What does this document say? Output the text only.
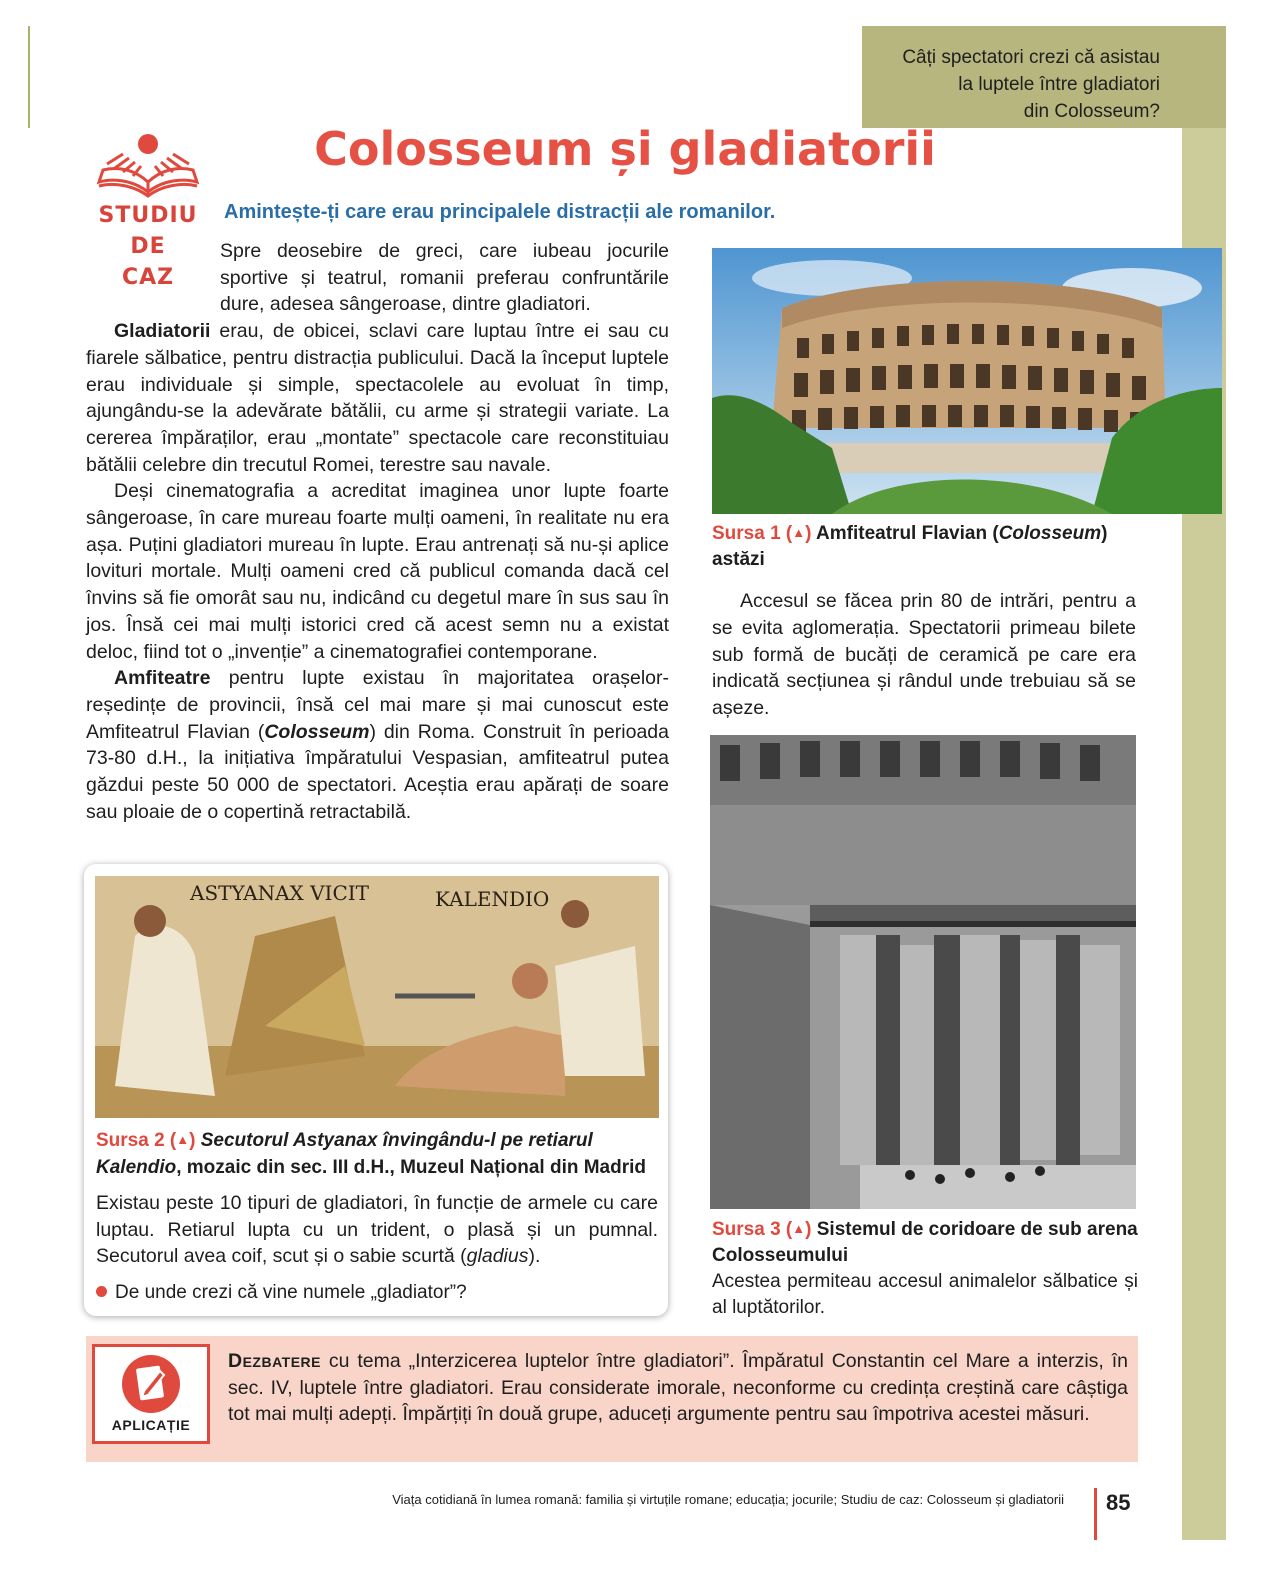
Câți spectatori crezi că asistau
la luptele între gladiatori
din Colosseum?
STUDIU
DE
CAZ
Colosseum și gladiatorii
Amintește-ți care erau principalele distracții ale romanilor.

Spre deosebire de greci, care iubeau jocurile sportive și teatrul, romanii preferau confruntările dure, adesea sângeroase, dintre gladiatori.

Gladiatorii erau, de obicei, sclavi care luptau între ei sau cu fiarele sălbatice, pentru distracția publicului. Dacă la început luptele erau individuale și simple, spectacolele au evoluat în timp, ajungându-se la adevărate bătălii, cu arme și strategii variate. La cererea împăraților, erau „montate” spectacole care reconstituiau bătălii celebre din trecutul Romei, terestre sau navale.

Deși cinematografia a acreditat imaginea unor lupte foarte sângeroase, în care mureau foarte mulți oameni, în realitate nu era așa. Puțini gladiatori mureau în lupte. Erau antrenați să nu-și aplice lovituri mortale. Mulți oameni cred că publicul comanda dacă cel învins să fie omorât sau nu, indicând cu degetul mare în sus sau în jos. Însă cei mai mulți istorici cred că acest semn nu a existat deloc, fiind tot o „invenție” a cinematografiei contemporane.

Amfiteatre pentru lupte existau în majoritatea orașelor-reședințe de provincii, însă cel mai mare și mai cunoscut este Amfiteatrul Flavian (Colosseum) din Roma. Construit în perioada 73-80 d.H., la inițiativa împăratului Vespasian, amfiteatrul putea găzdui peste 50 000 de spectatori. Aceștia erau apărați de soare sau ploaie de o copertină retractabilă.

Sursa 1 (▲) Amfiteatrul Flavian (Colosseum) astăzi

Accesul se făcea prin 80 de intrări, pentru a se evita aglomerația. Spectatorii primeau bilete sub formă de bucăți de ceramică pe care era indicată secțiunea și rândul unde trebuiau să se așeze.

Sursa 3 (▲) Sistemul de coridoare de sub arena Colosseumului
Acestea permiteau accesul animalelor sălbatice și al luptătorilor.
ASTYANAX VICIT	KALENDIO
Sursa 2 (▲) Secutorul Astyanax învingându-l pe retiarul Kalendio, mozaic din sec. III d.H., Muzeul Național din Madrid

Existau peste 10 tipuri de gladiatori, în funcție de armele cu care luptau. Retiarul lupta cu un trident, o plasă și un pumnal. Secutorul avea coif, scut și o sabie scurtă (gladius).

De unde crezi că vine numele „gladiator”?
APLICAȚIE

Dezbatere cu tema „Interzicerea luptelor între gladiatori”. Împăratul Constantin cel Mare a interzis, în sec. IV, luptele între gladiatori. Erau considerate imorale, neconforme cu credința creștină care câștiga tot mai mulți adepți. Împărțiți în două grupe, aduceți argumente pentru sau împotriva acestei măsuri.

Viața cotidiană în lumea romană: familia și virtuțile romane; educația; jocurile; Studiu de caz: Colosseum și gladiatorii 85
